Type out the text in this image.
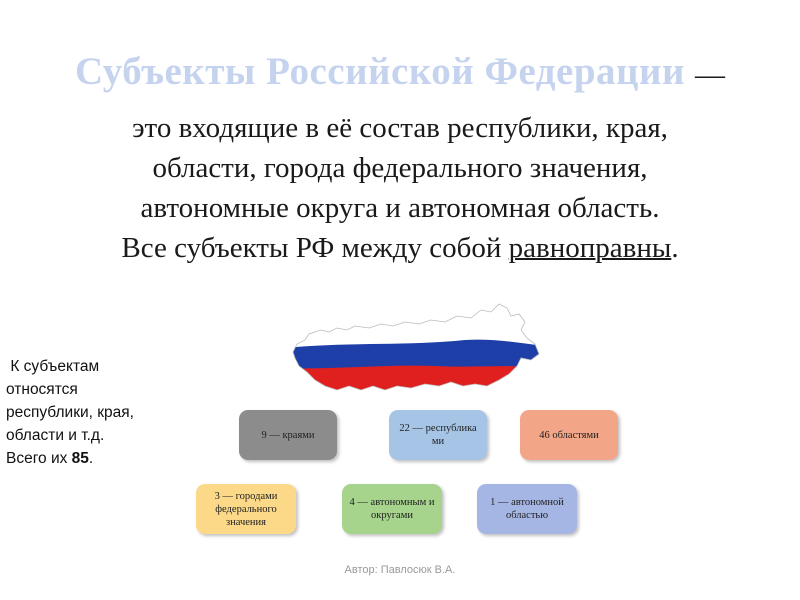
Субъекты Российской Федерации —
это входящие в её состав республики, края,
области, города федерального значения,
автономные округа и автономная область.
Все субъекты РФ между собой равноправны.
К субъектам
относятся
республики, края,
области и т.д.
Всего их 85.
9 — краями
22 — республика ми
46 областями
3 — городами федерального значения
4 — автономным и округами
1 — автономной областью
Автор: Павлосюк В.А.
